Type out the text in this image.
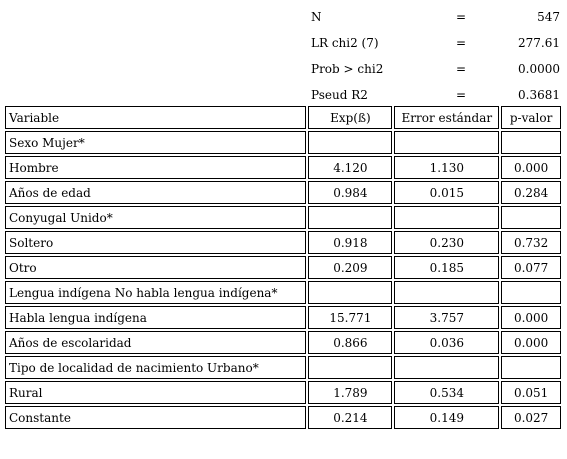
N	=	547
LR chi2 (7)	=	277.61
Prob > chi2	=	0.0000
Pseud R2	=	0.3681
Variable	Exp(ß)	Error estándar	p-valor
Sexo Mujer*			
Hombre	4.120	1.130	0.000
Años de edad	0.984	0.015	0.284
Conyugal Unido*			
Soltero	0.918	0.230	0.732
Otro	0.209	0.185	0.077
Lengua indígena No habla lengua indígena*			
Habla lengua indígena	15.771	3.757	0.000
Años de escolaridad	0.866	0.036	0.000
Tipo de localidad de nacimiento Urbano*			
Rural	1.789	0.534	0.051
Constante	0.214	0.149	0.027
